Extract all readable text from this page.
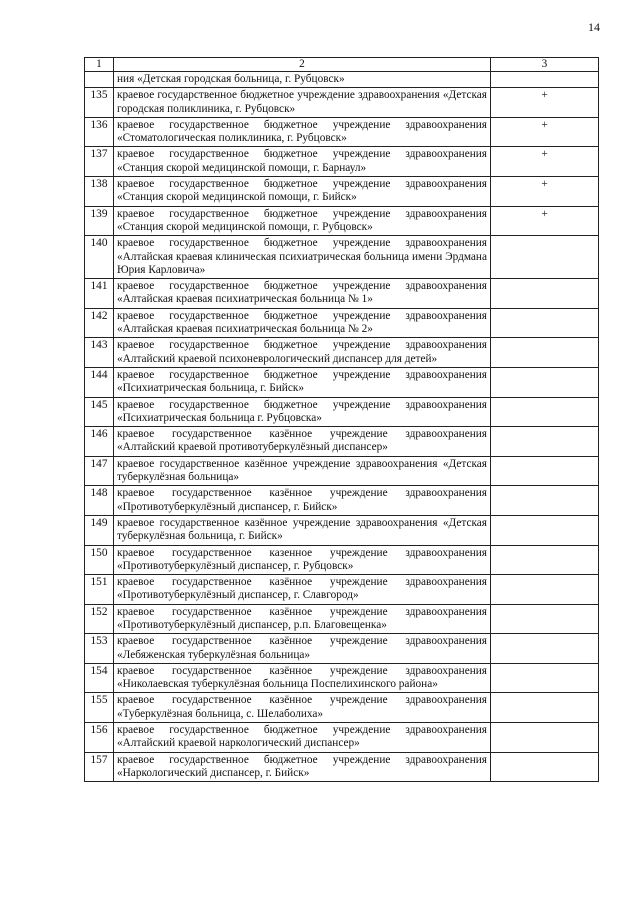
14
1	2	3
	ния «Детская городская больница, г. Рубцовск»	
135	краевое государственное бюджетное учреждение здравоохранения «Детская городская поликлиника, г. Рубцовск»	+
136	краевое государственное бюджетное учреждение здравоохранения «Стоматологическая поликлиника, г. Рубцовск»	+
137	краевое государственное бюджетное учреждение здравоохранения «Станция скорой медицинской помощи, г. Барнаул»	+
138	краевое государственное бюджетное учреждение здравоохранения «Станция скорой медицинской помощи, г. Бийск»	+
139	краевое государственное бюджетное учреждение здравоохранения «Станция скорой медицинской помощи, г. Рубцовск»	+
140	краевое государственное бюджетное учреждение здравоохранения «Алтайская краевая клиническая психиатрическая больница имени Эрдмана Юрия Карловича»	
141	краевое государственное бюджетное учреждение здравоохранения «Алтайская краевая психиатрическая больница № 1»	
142	краевое государственное бюджетное учреждение здравоохранения «Алтайская краевая психиатрическая больница № 2»	
143	краевое государственное бюджетное учреждение здравоохранения «Алтайский краевой психоневрологический диспансер для детей»	
144	краевое государственное бюджетное учреждение здравоохранения «Психиатрическая больница, г. Бийск»	
145	краевое государственное бюджетное учреждение здравоохранения «Психиатрическая больница г. Рубцовска»	
146	краевое государственное казённое учреждение здравоохранения «Алтайский краевой противотуберкулёзный диспансер»	
147	краевое государственное казённое учреждение здравоохранения «Детская туберкулёзная больница»	
148	краевое государственное казённое учреждение здравоохранения «Противотуберкулёзный диспансер, г. Бийск»	
149	краевое государственное казённое учреждение здравоохранения «Детская туберкулёзная больница, г. Бийск»	
150	краевое государственное казенное учреждение здравоохранения «Противотуберкулёзный диспансер, г. Рубцовск»	
151	краевое государственное казённое учреждение здравоохранения «Противотуберкулёзный диспансер, г. Славгород»	
152	краевое государственное казённое учреждение здравоохранения «Противотуберкулёзный диспансер, р.п. Благовещенка»	
153	краевое государственное казённое учреждение здравоохранения «Лебяженская туберкулёзная больница»	
154	краевое государственное казённое учреждение здравоохранения «Николаевская туберкулёзная больница Поспелихинского района»	
155	краевое государственное казённое учреждение здравоохранения «Туберкулёзная больница, с. Шелаболиха»	
156	краевое государственное бюджетное учреждение здравоохранения «Алтайский краевой наркологический диспансер»	
157	краевое государственное бюджетное учреждение здравоохранения «Наркологический диспансер, г. Бийск»	
